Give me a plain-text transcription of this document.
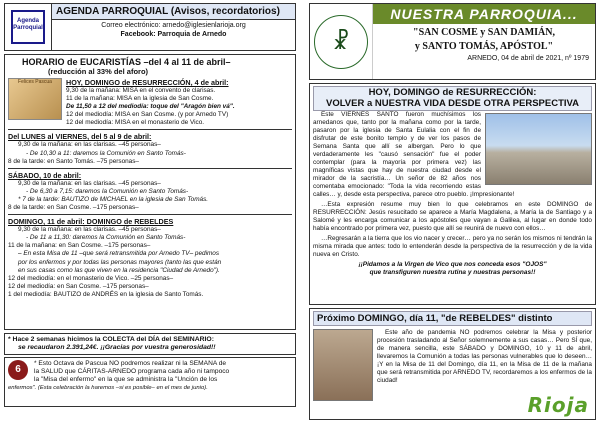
Agenda Parroquial
AGENDA PARROQUIAL (Avisos, recordatorios)
Correo electrónico: arnedo@iglesienlarioja.org
Facebook: Parroquia de Arnedo
HORARIO de EUCARISTÍAS –del 4 al 11 de abril–
(reducción al 33% del aforo)
Felices Pascua	HOY, DOMINGO de RESURRECCIÓN, 4 de abril:
9,30 de la mañana: MISA en el convento de clarisas.
11 de la mañana: MISA en la iglesia de San Cosme.
De 11,50 a 12 del mediodía: toque del "Aragón bien vá".
12 del mediodía: MISA en San Cosme. (y por Arnedo TV)
12 del mediodía: MISA en el monasterio de Vico.
Del LUNES al VIERNES, del 5 al 9 de abril:
9,30 de la mañana: en las clarisas. –45 personas–
- De 10,30 a 11: daremos la Comunión en Santo Tomás-
8 de la tarde: en Santo Tomás. –75 personas–
SÁBADO, 10 de abril:
9,30 de la mañana: en las clarisas. –45 personas–
- De 6,30 a 7,15: daremos la Comunión en Santo Tomás-
* 7 de la tarde: BAUTIZO de MICHAEL en la iglesia de San Tomás.
8 de la tarde: en San Cosme. –175 personas–
DOMINGO, 11 de abril: DOMINGO de REBELDES
9,30 de la mañana: en las clarisas. –45 personas–
- De 11 a 11,30: daremos la Comunión en Santo Tomás-
11 de la mañana: en San Cosme. –175 personas–
– En esta Misa de 11 –que será retransmitida por Arnedo TV– pedimos
por los enfermos y por todas las personas mayores (tanto las que están
en sus casas como las que viven en la residencia "Ciudad de Arnedo").
12 del mediodía: en el monasterio de Vico. –25 personas–
12 del mediodía: en San Cosme. –175 personas–
1 del mediodía: BAUTIZO de ANDRÉS en la iglesia de Santo Tomás.
* Hace 2 semanas hicimos la COLECTA del DÍA del SEMINARIO:
se recaudaron 2.391,24€. ¡¡Gracias por vuestra generosidad!!
6
* Esto Octava de Pascua NO podremos realizar ni la SEMANA de
la SALUD que CÁRITAS-ARNEDO programa cada año ni tampoco
la "Misa del enfermo" en la que se administra la "Unción de los
enfermos". (Esta celebración la haremos –si es posible– en el mes de junio).
☧
NUESTRA PARROQUIA...
"SAN COSME y SAN DAMIÁN,
y SANTO TOMÁS, APÓSTOL"
ARNEDO, 04 de abril de 2021, nº 1979
HOY, DOMINGO de RESURRECCIÓN:
VOLVER a NUESTRA VIDA DESDE OTRA PERSPECTIVA
Este VIERNES SANTO fueron muchísimos los arnedanos que, tanto por la mañana como por la tarde, pasaron por la iglesia de Santa Eulalia con el fin de disfrutar de este bonito templo y de ver los pasos de Semana Santa que allí se albergan. Pero lo que verdaderamente les "causó sensación" fue el poder contemplar (para la mayoría por primera vez) las magníficas vistas que hay de nuestra ciudad desde el mirador de la sacristía… Un señor de 82 años nos comentaba emocionado: "Toda la vida recorriendo estas calles… y, desde esta perspectiva, parece otro pueblo. ¡Impresionante!
…Esta expresión resume muy bien lo que celebramos en este DOMINGO de RESURRECCIÓN: Jesús resucitado se aparece a María Magdalena, a María la de Santiago y a Salomé y les encarga comunicar a los apóstoles que vayan a Galilea, al lugar en donde todo había encontrado por primera vez, puesto que allí se reunirá de nuevo con ellos…
…Regresarán a la tierra que los vio nacer y crecer… pero ya no serán los mismos ni tendrán la misma mirada que antes: todo lo entenderán desde la perspectiva de la resurrección y de la vida nueva en Cristo.
¡¡Pidamos a la Virgen de Vico que nos conceda esos "OJOS"
que transfiguren nuestra rutina y nuestras personas!!
Próximo DOMINGO, día 11, "de REBELDES" distinto
Este año de pandemia NO podremos celebrar la Misa y posterior procesión trasladando al Señor solemnemente a sus casas… Pero SÍ que, de manera sencilla, este SÁBADO y DOMINGO, 10 y 11 de abril, llevaremos la Comunión a todas las personas vulnerables que lo deseen… ¡Y en la Misa de 11 del Domingo, día 11, en la Misa de 11 de la mañana que será retransmitida por ARNEDO TV, recordaremos a los enfermos de la ciudad!
Rioja
